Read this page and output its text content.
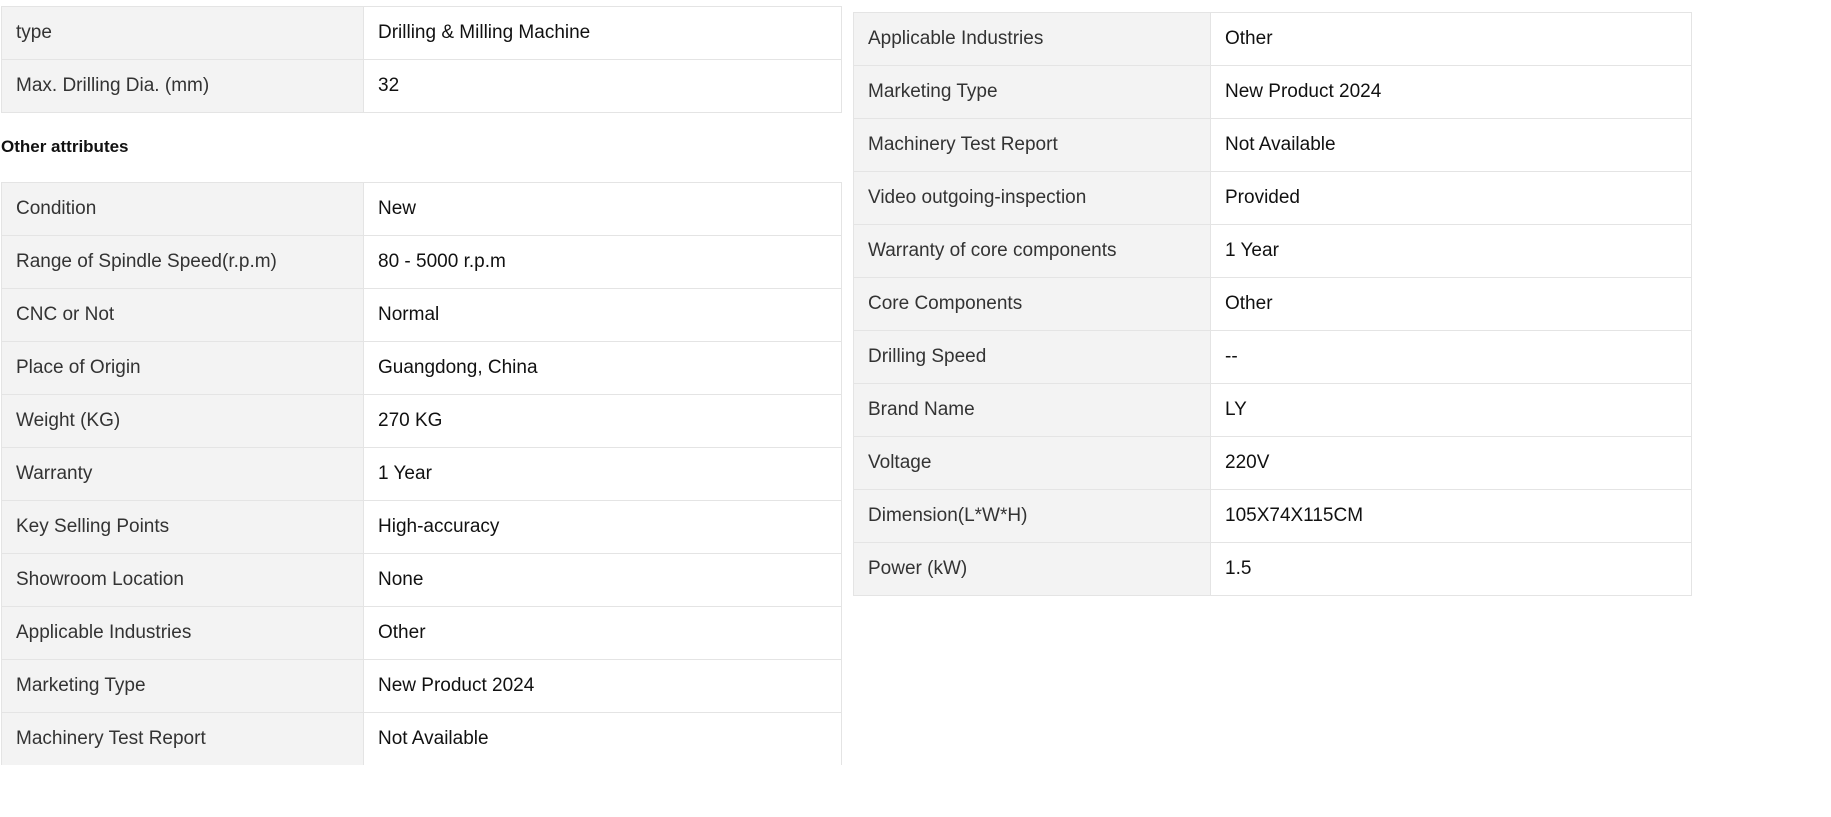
type	Drilling & Milling Machine
Max. Drilling Dia. (mm)	32
Other attributes
Condition	New
Range of Spindle Speed(r.p.m)	80 - 5000 r.p.m
CNC or Not	Normal
Place of Origin	Guangdong, China
Weight (KG)	270 KG
Warranty	1 Year
Key Selling Points	High-accuracy
Showroom Location	None
Applicable Industries	Other
Marketing Type	New Product 2024
Machinery Test Report	Not Available
Applicable Industries	Other
Marketing Type	New Product 2024
Machinery Test Report	Not Available
Video outgoing-inspection	Provided
Warranty of core components	1 Year
Core Components	Other
Drilling Speed	--
Brand Name	LY
Voltage	220V
Dimension(L*W*H)	105X74X115CM
Power (kW)	1.5
